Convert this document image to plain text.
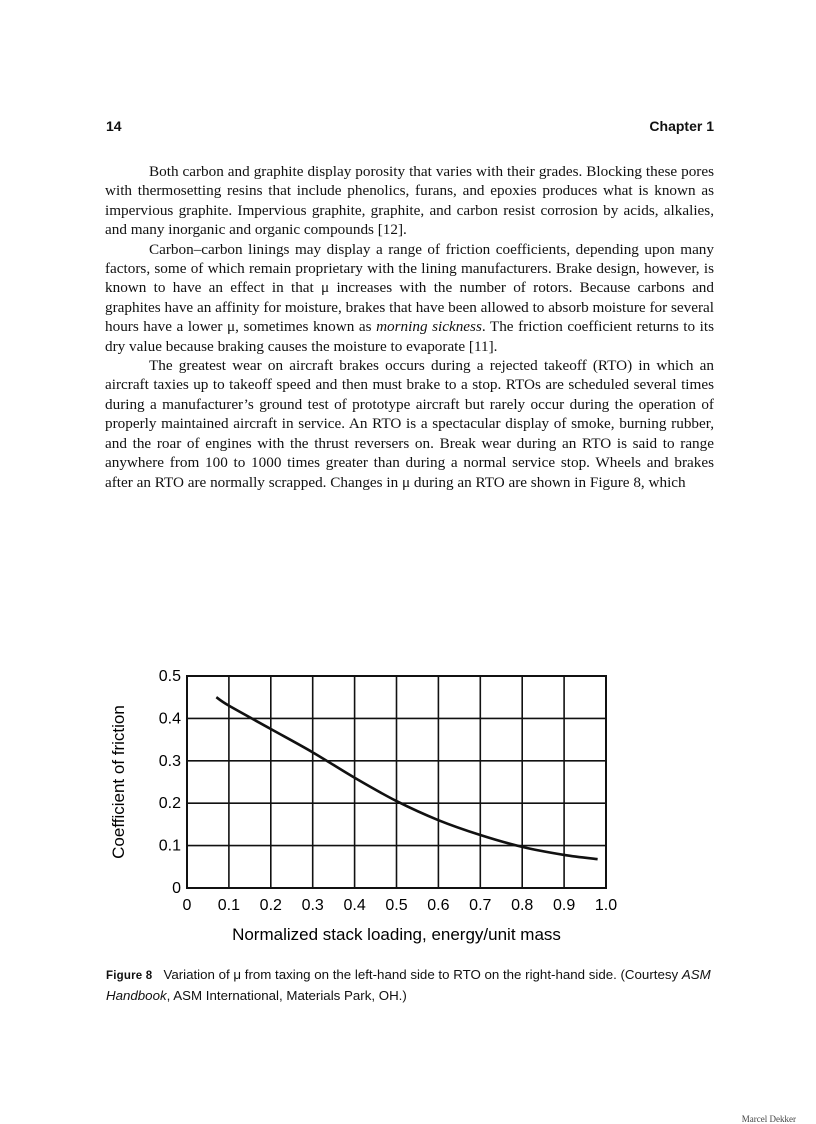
14	Chapter 1

Both carbon and graphite display porosity that varies with their grades. Blocking these pores with thermosetting resins that include phenolics, furans, and epoxies produces what is known as impervious graphite. Impervious graphite, graphite, and carbon resist corrosion by acids, alkalies, and many inorganic and organic compounds [12].

Carbon–carbon linings may display a range of friction coefficients, depending upon many factors, some of which remain proprietary with the lining manufacturers. Brake design, however, is known to have an effect in that μ increases with the number of rotors. Because carbons and graphites have an affinity for moisture, brakes that have been allowed to absorb moisture for several hours have a lower μ, sometimes known as morning sickness. The friction coefficient returns to its dry value because braking causes the moisture to evaporate [11].

The greatest wear on aircraft brakes occurs during a rejected takeoff (RTO) in which an aircraft taxies up to takeoff speed and then must brake to a stop. RTOs are scheduled several times during a manufacturer’s ground test of prototype aircraft but rarely occur during the operation of properly maintained aircraft in service. An RTO is a spectacular display of smoke, burning rubber, and the roar of engines with the thrust reversers on. Break wear during an RTO is said to range anywhere from 100 to 1000 times greater than during a normal service stop. Wheels and brakes after an RTO are normally scrapped. Changes in μ during an RTO are shown in Figure 8, which

0
0.1
0.2
0.3
0.4
0.5
0 0.1 0.2 0.3 0.4 0.5 0.6 0.7 0.8 0.9 1.0
Normalized stack loading, energy/unit mass
Coefficient of friction

Figure 8 Variation of μ from taxing on the left-hand side to RTO on the right-hand side. (Courtesy ASM Handbook, ASM International, Materials Park, OH.)

Marcel Dekker
